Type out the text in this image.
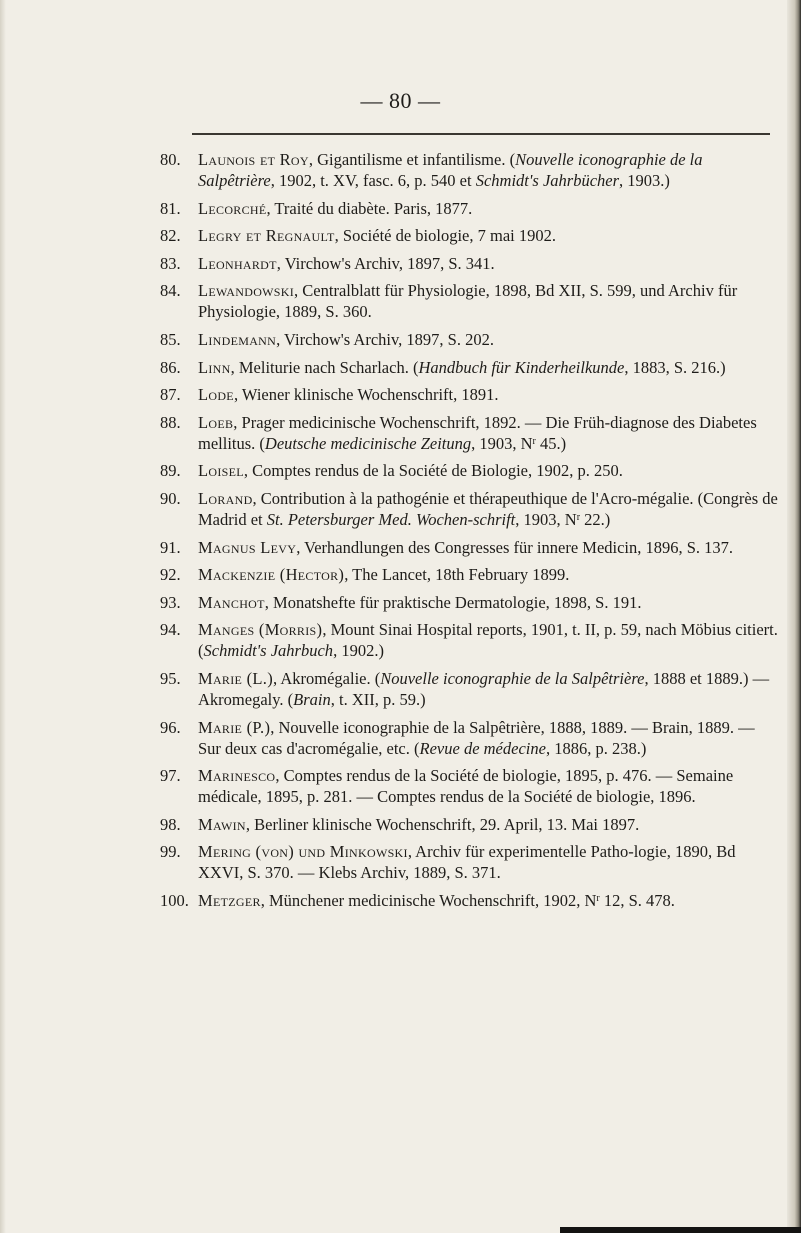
— 80 —
80. Launois et Roy, Gigantilisme et infantilisme. (Nouvelle iconographie de la Salpêtrière, 1902, t. XV, fasc. 6, p. 540 et Schmidt's Jahrbücher, 1903.)
81. Lecorché, Traité du diabète. Paris, 1877.
82. Legry et Regnault, Société de biologie, 7 mai 1902.
83. Leonhardt, Virchow's Archiv, 1897, S. 341.
84. Lewandowski, Centralblatt für Physiologie, 1898, Bd XII, S. 599, und Archiv für Physiologie, 1889, S. 360.
85. Lindemann, Virchow's Archiv, 1897, S. 202.
86. Linn, Meliturie nach Scharlach. (Handbuch für Kinderheilkunde, 1883, S. 216.)
87. Lode, Wiener klinische Wochenschrift, 1891.
88. Loeb, Prager medicinische Wochenschrift, 1892. — Die Früh-diagnose des Diabetes mellitus. (Deutsche medicinische Zeitung, 1903, $N^r$ 45.)
89. Loisel, Comptes rendus de la Société de Biologie, 1902, p. 250.
90. Lorand, Contribution à la pathogénie et thérapeuthique de l'Acro-mégalie. (Congrès de Madrid et St. Petersburger Med. Wochen-schrift, 1903, $N^r$ 22.)
91. Magnus Levy, Verhandlungen des Congresses für innere Medicin, 1896, S. 137.
92. Mackenzie (Hector), The Lancet, 18th February 1899.
93. Manchot, Monatshefte für praktische Dermatologie, 1898, S. 191.
94. Manges (Morris), Mount Sinai Hospital reports, 1901, t. II, p. 59, nach Möbius citiert. (Schmidt's Jahrbuch, 1902.)
95. Marie (L.), Akromégalie. (Nouvelle iconographie de la Salpêtrière, 1888 et 1889.) — Akromegaly. (Brain, t. XII, p. 59.)
96. Marie (P.), Nouvelle iconographie de la Salpêtrière, 1888, 1889. — Brain, 1889. — Sur deux cas d'acromégalie, etc. (Revue de médecine, 1886, p. 238.)
97. Marinesco, Comptes rendus de la Société de biologie, 1895, p. 476. — Semaine médicale, 1895, p. 281. — Comptes rendus de la Société de biologie, 1896.
98. Mawin, Berliner klinische Wochenschrift, 29. April, 13. Mai 1897.
99. Mering (von) und Minkowski, Archiv für experimentelle Patho-logie, 1890, Bd XXVI, S. 370. — Klebs Archiv, 1889, S. 371.
100. Metzger, Münchener medicinische Wochenschrift, 1902, $N^r$ 12, S. 478.
